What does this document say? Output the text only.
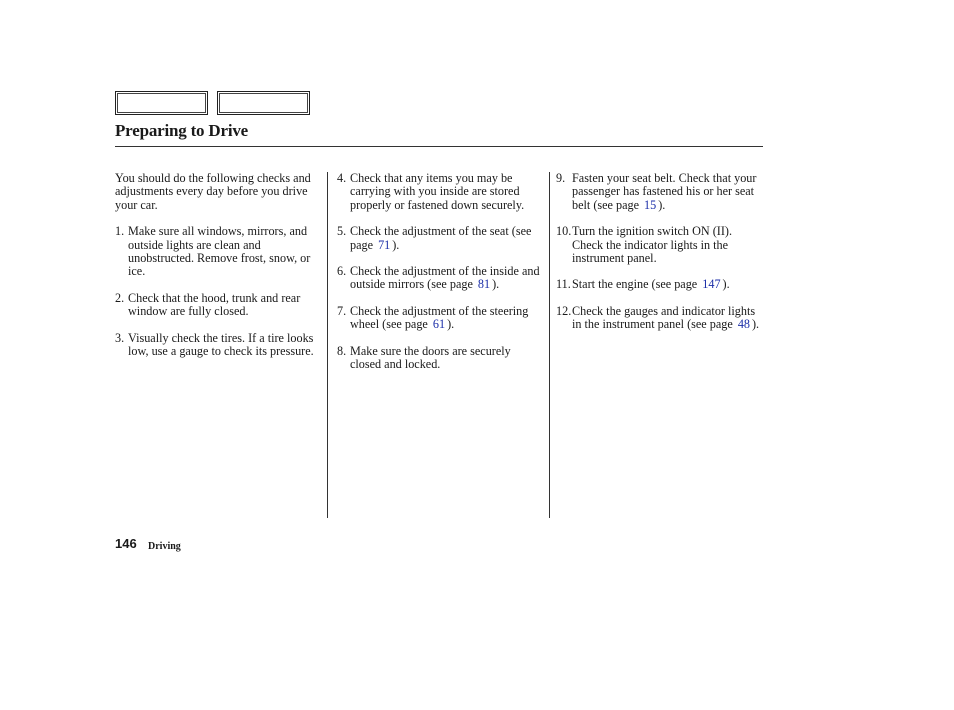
Preparing to Drive

You should do the following checks and adjustments every day before you drive your car.

1. Make sure all windows, mirrors, and outside lights are clean and unobstructed. Remove frost, snow, or ice.
2. Check that the hood, trunk and rear window are fully closed.
3. Visually check the tires. If a tire looks low, use a gauge to check its pressure.
4. Check that any items you may be carrying with you inside are stored properly or fastened down securely.
5. Check the adjustment of the seat (see page 71 ).
6. Check the adjustment of the inside and outside mirrors (see page 81 ).
7. Check the adjustment of the steering wheel (see page 61 ).
8. Make sure the doors are securely closed and locked.
9. Fasten your seat belt. Check that your passenger has fastened his or her seat belt (see page 15 ).
10. Turn the ignition switch ON (II). Check the indicator lights in the instrument panel.
11. Start the engine (see page 147 ).
12. Check the gauges and indicator lights in the instrument panel (see page 48 ).
146 Driving
